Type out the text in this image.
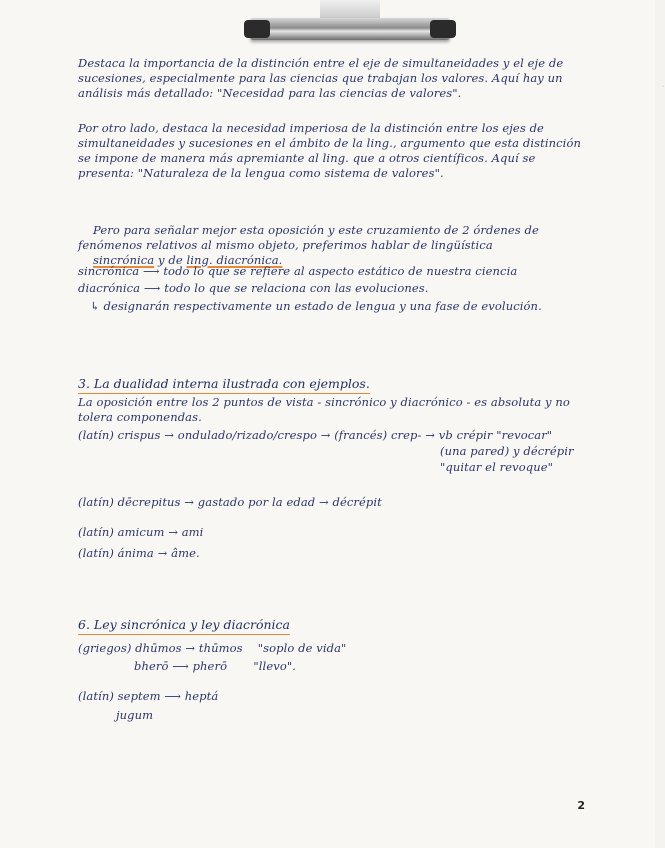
·
Destaca la importancia de la distinción entre el eje de simultaneidades y el eje de sucesiones, especialmente para las ciencias que trabajan los valores. Aquí hay un análisis más detallado: "Necesidad para las ciencias de valores".
Por otro lado, destaca la necesidad imperiosa de la distinción entre los ejes de simultaneidades y sucesiones en el ámbito de la ling., argumento que esta distinción se impone de manera más apremiante al ling. que a otros científicos. Aquí se presenta: "Naturaleza de la lengua como sistema de valores".

Pero para señalar mejor esta oposición y este cruzamiento de 2 órdenes de fenómenos relativos al mismo objeto, preferimos hablar de lingüística
sincrónica y de ling. diacrónica.

sincrónica ⟶ todo lo que se refiere al aspecto estático de nuestra ciencia
diacrónica ⟶ todo lo que se relaciona con las evoluciones.
↳ designarán respectivamente un estado de lengua y una fase de evolución.
3. La dualidad interna ilustrada con ejemplos.
La oposición entre los 2 puntos de vista - sincrónico y diacrónico - es absoluta y no tolera componendas.
(latín) crispus → ondulado/rizado/crespo → (francés) crep- → vb crépir "revocar"
(una pared) y décrépir
"quitar el revoque"
(latín) dēcrepitus → gastado por la edad → décrépit
(latín) amicum → ami
(latín) ánima → âme.
6. Ley sincrónica y ley diacrónica
(griegos) dhūmos → thūmos    "soplo de vida"
bherō ⟶ pherō       "llevo".
(latín) septem ⟶ heptá
jugum
2
